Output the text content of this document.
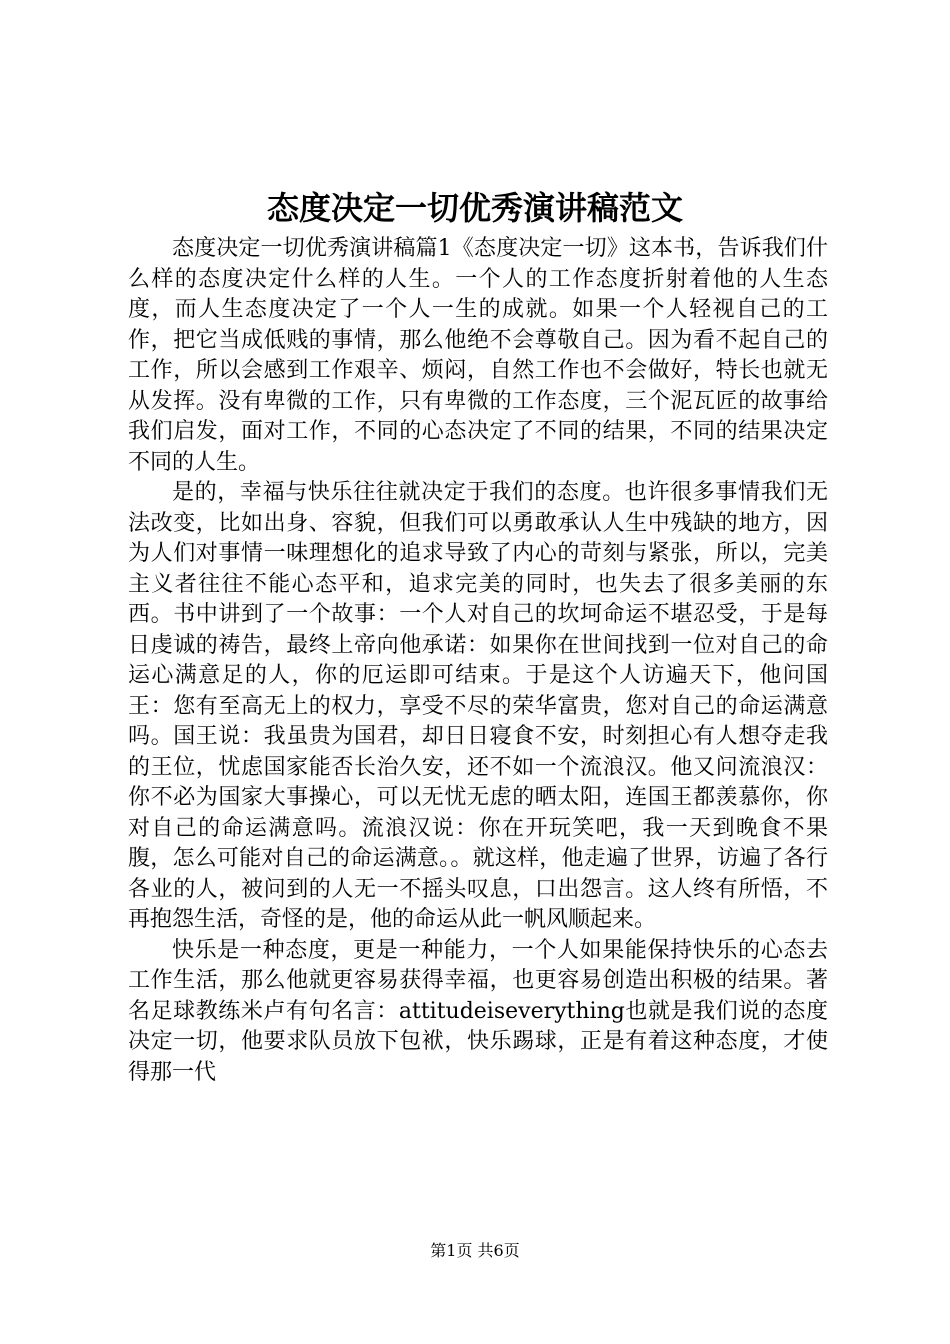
态度决定一切优秀演讲稿范文

态度决定一切优秀演讲稿篇1《态度决定一切》这本书，告诉我们什么样的态度决定什么样的人生。一个人的工作态度折射着他的人生态度，而人生态度决定了一个人一生的成就。如果一个人轻视自己的工作，把它当成低贱的事情，那么他绝不会尊敬自己。因为看不起自己的工作，所以会感到工作艰辛、烦闷，自然工作也不会做好，特长也就无从发挥。没有卑微的工作，只有卑微的工作态度，三个泥瓦匠的故事给我们启发，面对工作，不同的心态决定了不同的结果，不同的结果决定不同的人生。

是的，幸福与快乐往往就决定于我们的态度。也许很多事情我们无法改变，比如出身、容貌，但我们可以勇敢承认人生中残缺的地方，因为人们对事情一味理想化的追求导致了内心的苛刻与紧张，所以，完美主义者往往不能心态平和，追求完美的同时，也失去了很多美丽的东西。书中讲到了一个故事：一个人对自己的坎坷命运不堪忍受，于是每日虔诚的祷告，最终上帝向他承诺：如果你在世间找到一位对自己的命运心满意足的人，你的厄运即可结束。于是这个人访遍天下，他问国王：您有至高无上的权力，享受不尽的荣华富贵，您对自己的命运满意吗。国王说：我虽贵为国君，却日日寝食不安，时刻担心有人想夺走我的王位，忧虑国家能否长治久安，还不如一个流浪汉。他又问流浪汉：你不必为国家大事操心，可以无忧无虑的晒太阳，连国王都羡慕你，你对自己的命运满意吗。流浪汉说：你在开玩笑吧，我一天到晚食不果腹，怎么可能对自己的命运满意。。就这样，他走遍了世界，访遍了各行各业的人，被问到的人无一不摇头叹息，口出怨言。这人终有所悟，不再抱怨生活，奇怪的是，他的命运从此一帆风顺起来。

快乐是一种态度，更是一种能力，一个人如果能保持快乐的心态去工作生活，那么他就更容易获得幸福，也更容易创造出积极的结果。著名足球教练米卢有句名言：attitudeiseverything也就是我们说的态度决定一切，他要求队员放下包袱，快乐踢球，正是有着这种态度，才使得那一代

第1页 共6页
